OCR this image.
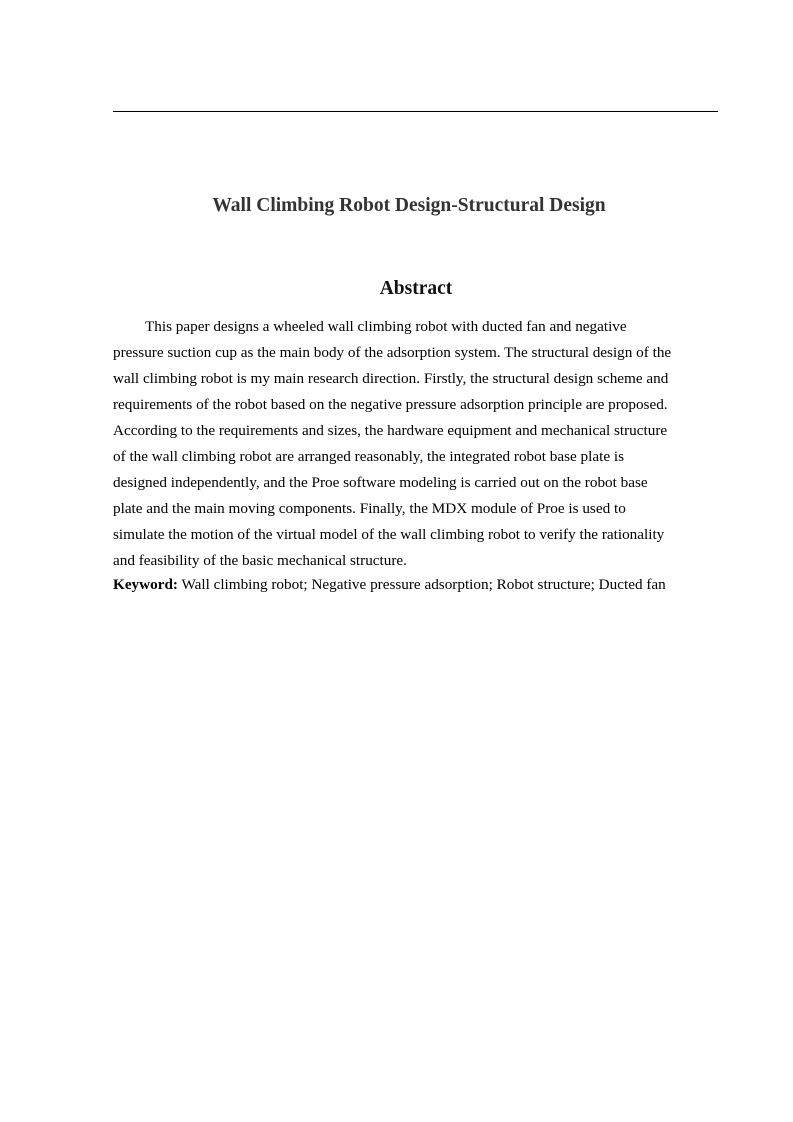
Wall Climbing Robot Design-Structural Design
Abstract
This paper designs a wheeled wall climbing robot with ducted fan and negative
pressure suction cup as the main body of the adsorption system. The structural design of the
wall climbing robot is my main research direction. Firstly, the structural design scheme and
requirements of the robot based on the negative pressure adsorption principle are proposed.
According to the requirements and sizes, the hardware equipment and mechanical structure
of the wall climbing robot are arranged reasonably, the integrated robot base plate is
designed independently, and the Proe software modeling is carried out on the robot base
plate and the main moving components. Finally, the MDX module of Proe is used to
simulate the motion of the virtual model of the wall climbing robot to verify the rationality
and feasibility of the basic mechanical structure.
Keyword: Wall climbing robot; Negative pressure adsorption; Robot structure; Ducted fan
